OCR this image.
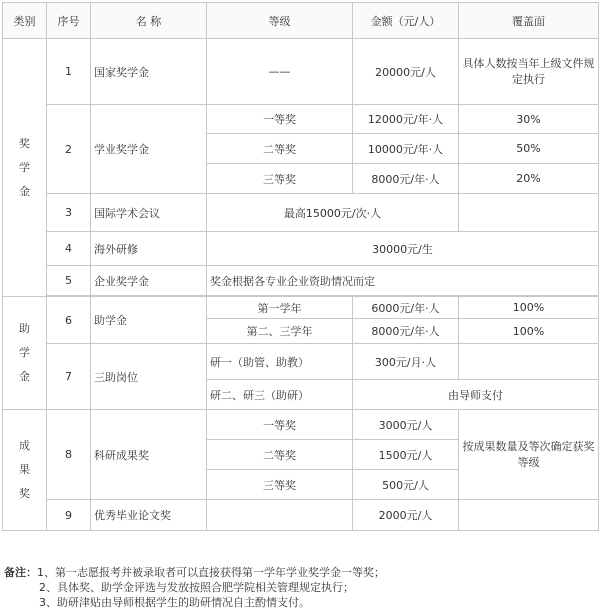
类别	序号	名 称	等级	金额（元/人）	覆盖面
奖学金	1	国家奖学金	——	20000元/人	具体人数按当年上级文件规定执行
	2	学业奖学金	一等奖	12000元/年·人	30%
			二等奖	10000元/年·人	50%
			三等奖	8000元/年·人	20%
	3	国际学术会议	最高15000元/次·人		
	4	海外研修	30000元/生		
	5	企业奖学金	奖金根据各专业企业资助情况而定		

助学金	6	助学金	第一学年	6000元/年·人	100%
			第二、三学年	8000元/年·人	100%
	7	三助岗位	研一（助管、助教）	300元/月·人	
			研二、研三（助研）	由导师支付	
成果奖	8	科研成果奖	一等奖	3000元/人	按成果数量及等次确定获奖等级
			二等奖	1500元/人	
			三等奖	500元/人	
	9	优秀毕业论文奖		2000元/人	
备注：1、第一志愿报考并被录取者可以直接获得第一学年学业奖学金一等奖；
2、具体奖、助学金评选与发放按照合肥学院相关管理规定执行；
3、助研津贴由导师根据学生的助研情况自主酌情支付。
